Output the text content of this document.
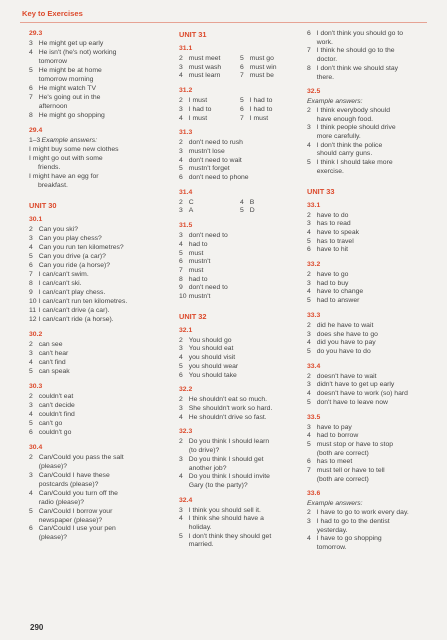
Key to Exercises
29.3
3 He might get up early
4 He isn't (he's not) working
tomorrow
5 He might be at home
tomorrow morning
6 He might watch TV
7 He's going out in the
afternoon
8 He might go shopping
29.4
1–3 Example answers:
I might buy some new clothes
I might go out with some
friends.
I might have an egg for
breakfast.
UNIT 30
30.1
2 Can you ski?
3 Can you play chess?
4 Can you run ten kilometres?
5 Can you drive (a car)?
6 Can you ride (a horse)?
7 I can/can't swim.
8 I can/can't ski.
9 I can/can't play chess.
10 I can/can't run ten kilometres.
11 I can/can't drive (a car).
12 I can/can't ride (a horse).
30.2
2 can see
3 can't hear
4 can't find
5 can speak
30.3
2 couldn't eat
3 can't decide
4 couldn't find
5 can't go
6 couldn't go
30.4
2 Can/Could you pass the salt
(please)?
3 Can/Could I have these
postcards (please)?
4 Can/Could you turn off the
radio (please)?
5 Can/Could I borrow your
newspaper (please)?
6 Can/Could I use your pen
(please)?
UNIT 31
31.1
2 must meet	5 must go
3 must wash	6 must win
4 must learn	7 must be
31.2
2 I must	5 I had to
3 I had to	6 I had to
4 I must	7 I must
31.3
2 don't need to rush
3 mustn't lose
4 don't need to wait
5 mustn't forget
6 don't need to phone
31.4
2 C	4 B
3 A	5 D
31.5
3 don't need to
4 had to
5 must
6 mustn't
7 must
8 had to
9 don't need to
10 mustn't
UNIT 32
32.1
2 You should go
3 You should eat
4 you should visit
5 you should wear
6 You should take
32.2
2 He shouldn't eat so much.
3 She shouldn't work so hard.
4 He shouldn't drive so fast.
32.3
2 Do you think I should learn
(to drive)?
3 Do you think I should get
another job?
4 Do you think I should invite
Gary (to the party)?
32.4
3 I think you should sell it.
4 I think she should have a
holiday.
5 I don't think they should get
married.
6 I don't think you should go to
work.
7 I think he should go to the
doctor.
8 I don't think we should stay
there.
32.5
Example answers:
2 I think everybody should
have enough food.
3 I think people should drive
more carefully.
4 I don't think the police
should carry guns.
5 I think I should take more
exercise.
UNIT 33
33.1
2 have to do
3 has to read
4 have to speak
5 has to travel
6 have to hit
33.2
2 have to go
3 had to buy
4 have to change
5 had to answer
33.3
2 did he have to wait
3 does she have to go
4 did you have to pay
5 do you have to do
33.4
2 doesn't have to wait
3 didn't have to get up early
4 doesn't have to work (so) hard
5 don't have to leave now
33.5
3 have to pay
4 had to borrow
5 must stop or have to stop
(both are correct)
6 has to meet
7 must tell or have to tell
(both are correct)
33.6
Example answers:
2 I have to go to work every day.
3 I had to go to the dentist
yesterday.
4 I have to go shopping
tomorrow.
290
